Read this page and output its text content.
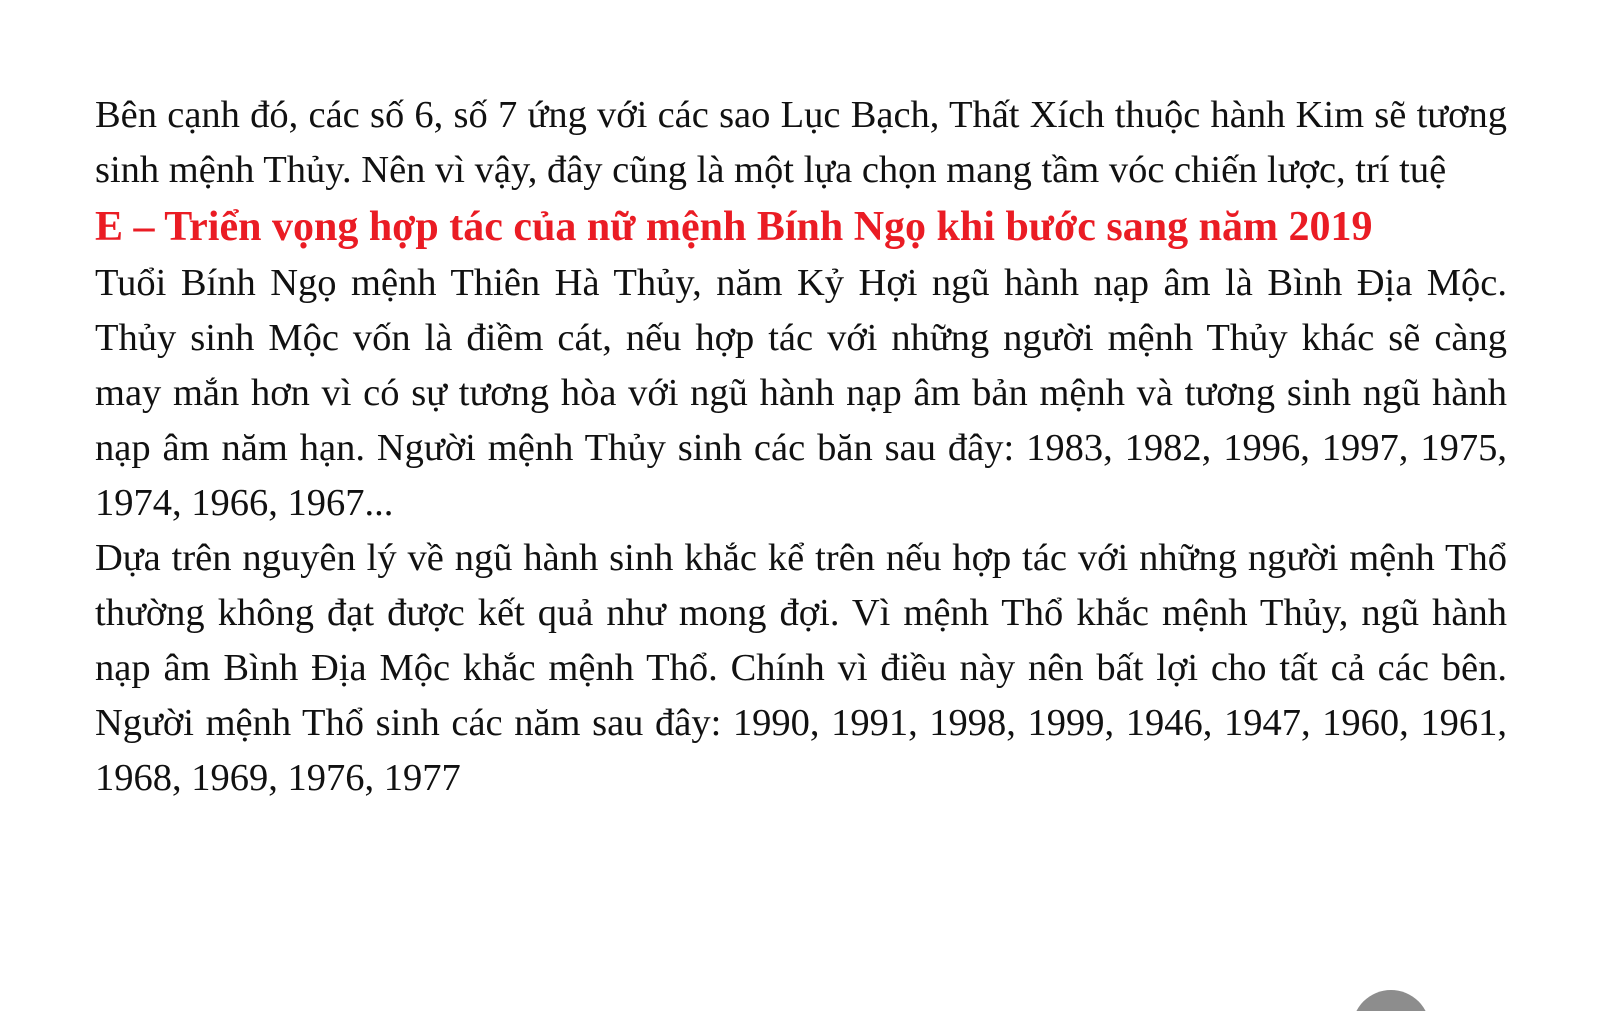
Bên cạnh đó, các số 6, số 7 ứng với các sao Lục Bạch, Thất Xích thuộc hành Kim sẽ tương sinh mệnh Thủy. Nên vì vậy, đây cũng là một lựa chọn mang tầm vóc chiến lược, trí tuệ

E – Triển vọng hợp tác của nữ mệnh Bính Ngọ khi bước sang năm 2019

Tuổi Bính Ngọ mệnh Thiên Hà Thủy, năm Kỷ Hợi ngũ hành nạp âm là Bình Địa Mộc. Thủy sinh Mộc vốn là điềm cát, nếu hợp tác với những người mệnh Thủy khác sẽ càng may mắn hơn vì có sự tương hòa với ngũ hành nạp âm bản mệnh và tương sinh ngũ hành nạp âm năm hạn. Người mệnh Thủy sinh các băn sau đây: 1983, 1982, 1996, 1997, 1975, 1974, 1966, 1967...

Dựa trên nguyên lý về ngũ hành sinh khắc kể trên nếu hợp tác với những người mệnh Thổ thường không đạt được kết quả như mong đợi. Vì mệnh Thổ khắc mệnh Thủy, ngũ hành nạp âm Bình Địa Mộc khắc mệnh Thổ. Chính vì điều này nên bất lợi cho tất cả các bên. Người mệnh Thổ sinh các năm sau đây: 1990, 1991, 1998, 1999, 1946, 1947, 1960, 1961, 1968, 1969, 1976, 1977
